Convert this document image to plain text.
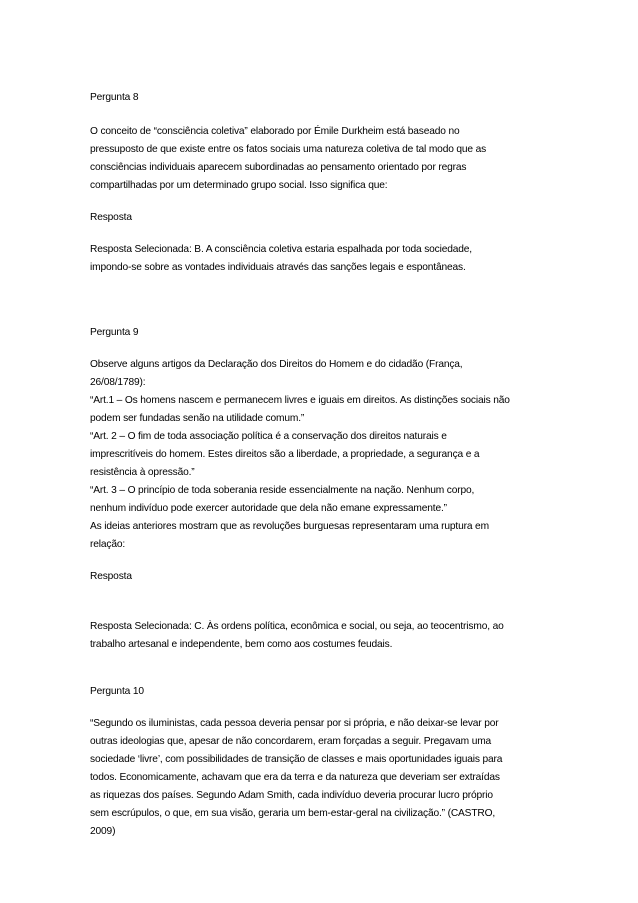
Pergunta 8
O conceito de “consciência coletiva” elaborado por Émile Durkheim está baseado no
pressuposto de que existe entre os fatos sociais uma natureza coletiva de tal modo que as
consciências individuais aparecem subordinadas ao pensamento orientado por regras
compartilhadas por um determinado grupo social. Isso significa que:
Resposta
Resposta Selecionada: B. A consciência coletiva estaria espalhada por toda sociedade,
impondo-se sobre as vontades individuais através das sanções legais e espontâneas.
Pergunta 9
Observe alguns artigos da Declaração dos Direitos do Homem e do cidadão (França,
26/08/1789):
“Art.1 – Os homens nascem e permanecem livres e iguais em direitos. As distinções sociais não
podem ser fundadas senão na utilidade comum.”
“Art. 2 – O fim de toda associação política é a conservação dos direitos naturais e
imprescritíveis do homem. Estes direitos são a liberdade, a propriedade, a segurança e a
resistência à opressão.”
“Art. 3 – O princípio de toda soberania reside essencialmente na nação. Nenhum corpo,
nenhum indivíduo pode exercer autoridade que dela não emane expressamente.”
As ideias anteriores mostram que as revoluções burguesas representaram uma ruptura em
relação:
Resposta
Resposta Selecionada: C. Às ordens política, econômica e social, ou seja, ao teocentrismo, ao
trabalho artesanal e independente, bem como aos costumes feudais.
Pergunta 10
“Segundo os iluministas, cada pessoa deveria pensar por si própria, e não deixar-se levar por
outras ideologias que, apesar de não concordarem, eram forçadas a seguir. Pregavam uma
sociedade ‘livre’, com possibilidades de transição de classes e mais oportunidades iguais para
todos. Economicamente, achavam que era da terra e da natureza que deveriam ser extraídas
as riquezas dos países. Segundo Adam Smith, cada indivíduo deveria procurar lucro próprio
sem escrúpulos, o que, em sua visão, geraria um bem-estar-geral na civilização.” (CASTRO,
2009)
